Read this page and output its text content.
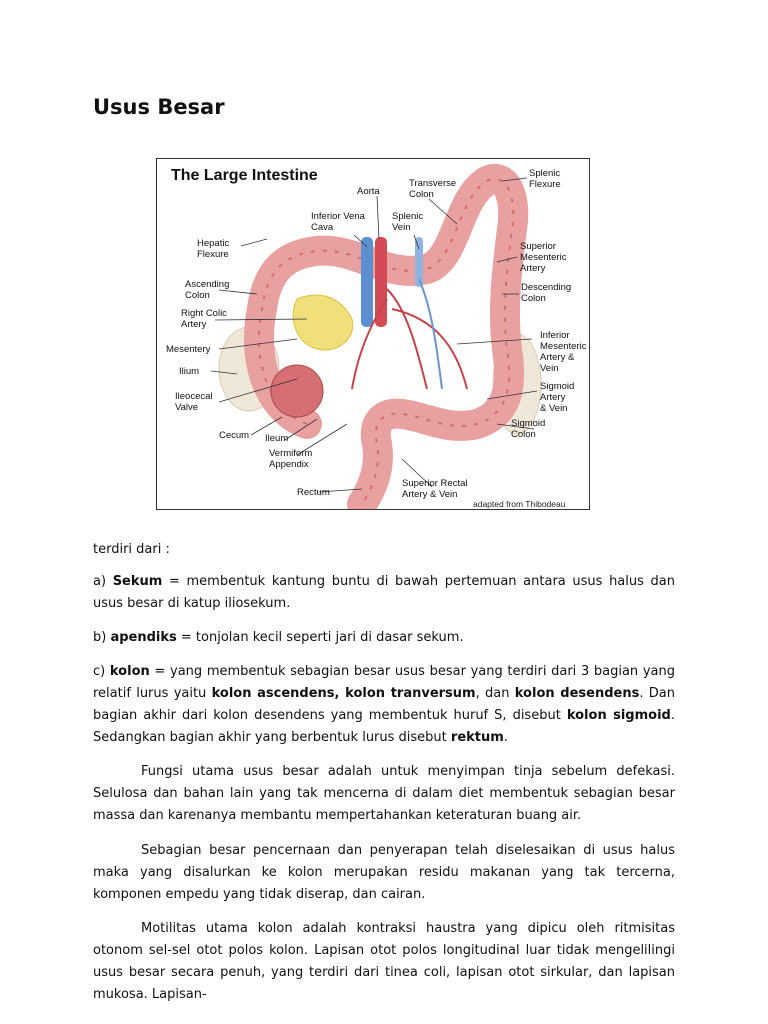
Usus Besar
The Large Intestine
Aorta
Transverse
Colon
Splenic
Flexure
Inferior Vena
Cava
Splenic
Vein
Hepatic
Flexure
Superior
Mesenteric
Artery
Ascending
Colon
Descending
Colon
Right Colic
Artery
Inferior
Mesenteric
Artery &
Vein
Mesentery
Ilium
Sigmoid
Artery
& Vein
Ileocecal
Valve
Sigmoid
Colon
Cecum Ileum
Vermiform
Appendix
Rectum
Superior Rectal
Artery & Vein
adapted from Thibodeau

terdiri dari :

a) Sekum = membentuk kantung buntu di bawah pertemuan antara usus halus dan usus besar di katup iliosekum.

b) apendiks = tonjolan kecil seperti jari di dasar sekum.

c) kolon = yang membentuk sebagian besar usus besar yang terdiri dari 3 bagian yang relatif lurus yaitu kolon ascendens, kolon tranversum, dan kolon desendens. Dan bagian akhir dari kolon desendens yang membentuk huruf S, disebut kolon sigmoid. Sedangkan bagian akhir yang berbentuk lurus disebut rektum.

Fungsi utama usus besar adalah untuk menyimpan tinja sebelum defekasi. Selulosa dan bahan lain yang tak mencerna di dalam diet membentuk sebagian besar massa dan karenanya membantu mempertahankan keteraturan buang air.

Sebagian besar pencernaan dan penyerapan telah diselesaikan di usus halus maka yang disalurkan ke kolon merupakan residu makanan yang tak tercerna, komponen empedu yang tidak diserap, dan cairan.

Motilitas utama kolon adalah kontraksi haustra yang dipicu oleh ritmisitas otonom sel-sel otot polos kolon. Lapisan otot polos longitudinal luar tidak mengelilingi usus besar secara penuh, yang terdiri dari tinea coli, lapisan otot sirkular, dan lapisan mukosa. Lapisan-
